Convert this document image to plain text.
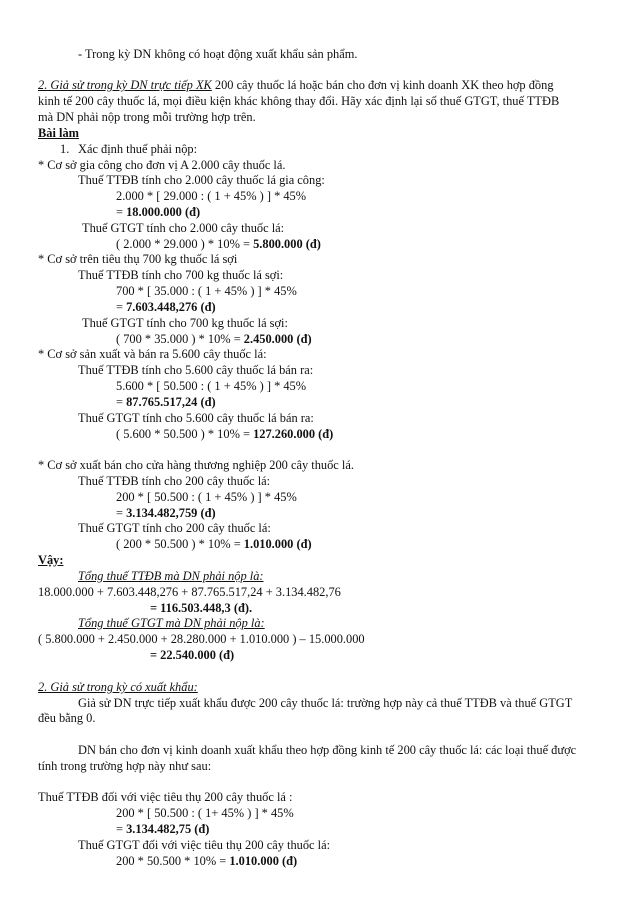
- Trong kỳ DN không có hoạt động xuất khẩu sản phẩm.
2. Giả sử trong kỳ DN trực tiếp XK 200 cây thuốc lá hoặc bán cho đơn vị kinh doanh XK theo hợp đồng
kinh tế 200 cây thuốc lá, mọi điều kiện khác không thay đổi. Hãy xác định lại số thuế GTGT, thuế TTĐB
mà DN phải nộp trong mỗi trường hợp trên.
Bài làm
1. Xác định thuế phải nộp:
* Cơ sở gia công cho đơn vị A 2.000 cây thuốc lá.
Thuế TTĐB tính cho 2.000 cây thuốc lá gia công:
2.000 * [ 29.000 : ( 1 + 45% ) ] * 45%
= 18.000.000 (đ)
Thuế GTGT tính cho 2.000 cây thuốc lá:
( 2.000 * 29.000 ) * 10% = 5.800.000 (đ)
* Cơ sở trên tiêu thụ 700 kg thuốc lá sợi
Thuế TTĐB tính cho 700 kg thuốc lá sợi:
700 * [ 35.000 : ( 1 + 45% ) ] * 45%
= 7.603.448,276 (đ)
Thuế GTGT tính cho 700 kg thuốc lá sợi:
( 700 * 35.000 ) * 10% = 2.450.000 (đ)
* Cơ sở sản xuất và bán ra 5.600 cây thuốc lá:
Thuế TTĐB tính cho 5.600 cây thuốc lá bán ra:
5.600 * [ 50.500 : ( 1 + 45% ) ] * 45%
= 87.765.517,24 (đ)
Thuế GTGT tính cho 5.600 cây thuốc lá bán ra:
( 5.600 * 50.500 ) * 10% = 127.260.000 (đ)
* Cơ sở xuất bán cho cửa hàng thương nghiệp 200 cây thuốc lá.
Thuế TTĐB tính cho 200 cây thuốc lá:
200 * [ 50.500 : ( 1 + 45% ) ] * 45%
= 3.134.482,759 (đ)
Thuế GTGT tính cho 200 cây thuốc lá:
( 200 * 50.500 ) * 10% = 1.010.000 (đ)
Vậy:
Tổng thuế TTĐB mà DN phải nộp là:
18.000.000 + 7.603.448,276 + 87.765.517,24 + 3.134.482,76
= 116.503.448,3 (đ).
Tổng thuế GTGT mà DN phải nộp là:
( 5.800.000 + 2.450.000 + 28.280.000 + 1.010.000 ) – 15.000.000
= 22.540.000 (đ)
2. Giả sử trong kỳ có xuất khẩu:
Giả sử DN trực tiếp xuất khẩu được 200 cây thuốc lá: trường hợp này cả thuế TTĐB và thuế GTGT
đều bằng 0.
DN bán cho đơn vị kinh doanh xuất khẩu theo hợp đồng kinh tế 200 cây thuốc lá: các loại thuế được
tính trong trường hợp này như sau:
Thuế TTĐB đối với việc tiêu thụ 200 cây thuốc lá :
200 * [ 50.500 : ( 1+ 45% ) ] * 45%
= 3.134.482,75 (đ)
Thuế GTGT đối với việc tiêu thụ 200 cây thuốc lá:
200 * 50.500 * 10% = 1.010.000 (đ)
